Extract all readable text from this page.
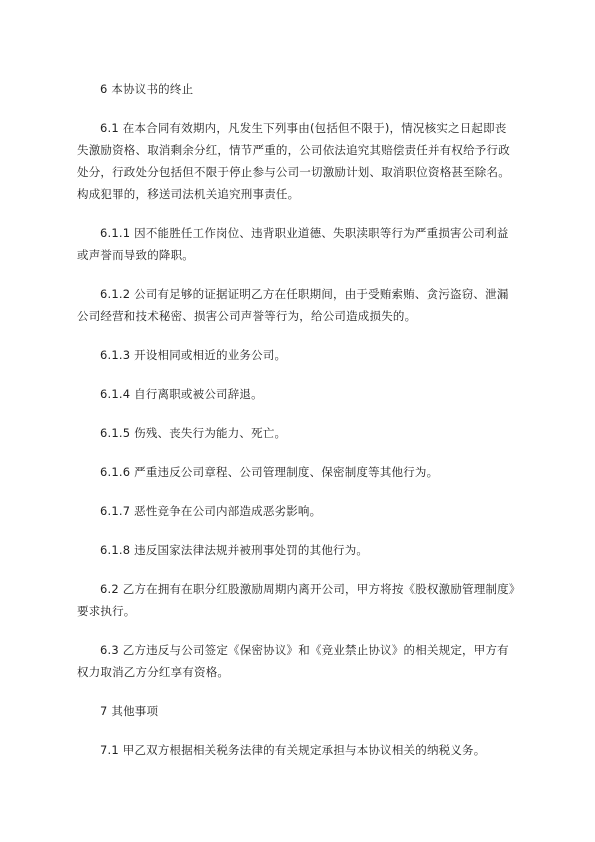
6 本协议书的终止

6.1 在本合同有效期内，凡发生下列事由(包括但不限于)，情况核实之日起即丧失激励资格、取消剩余分红，情节严重的，公司依法追究其赔偿责任并有权给予行政处分，行政处分包括但不限于停止参与公司一切激励计划、取消职位资格甚至除名。构成犯罪的，移送司法机关追究刑事责任。

6.1.1 因不能胜任工作岗位、违背职业道德、失职渎职等行为严重损害公司利益或声誉而导致的降职。

6.1.2 公司有足够的证据证明乙方在任职期间，由于受贿索贿、贪污盗窃、泄漏公司经营和技术秘密、损害公司声誉等行为，给公司造成损失的。

6.1.3 开设相同或相近的业务公司。

6.1.4 自行离职或被公司辞退。

6.1.5 伤残、丧失行为能力、死亡。

6.1.6 严重违反公司章程、公司管理制度、保密制度等其他行为。

6.1.7 恶性竞争在公司内部造成恶劣影响。

6.1.8 违反国家法律法规并被刑事处罚的其他行为。

6.2 乙方在拥有在职分红股激励周期内离开公司，甲方将按《股权激励管理制度》要求执行。

6.3 乙方违反与公司签定《保密协议》和《竞业禁止协议》的相关规定，甲方有权力取消乙方分红享有资格。

7 其他事项

7.1 甲乙双方根据相关税务法律的有关规定承担与本协议相关的纳税义务。
